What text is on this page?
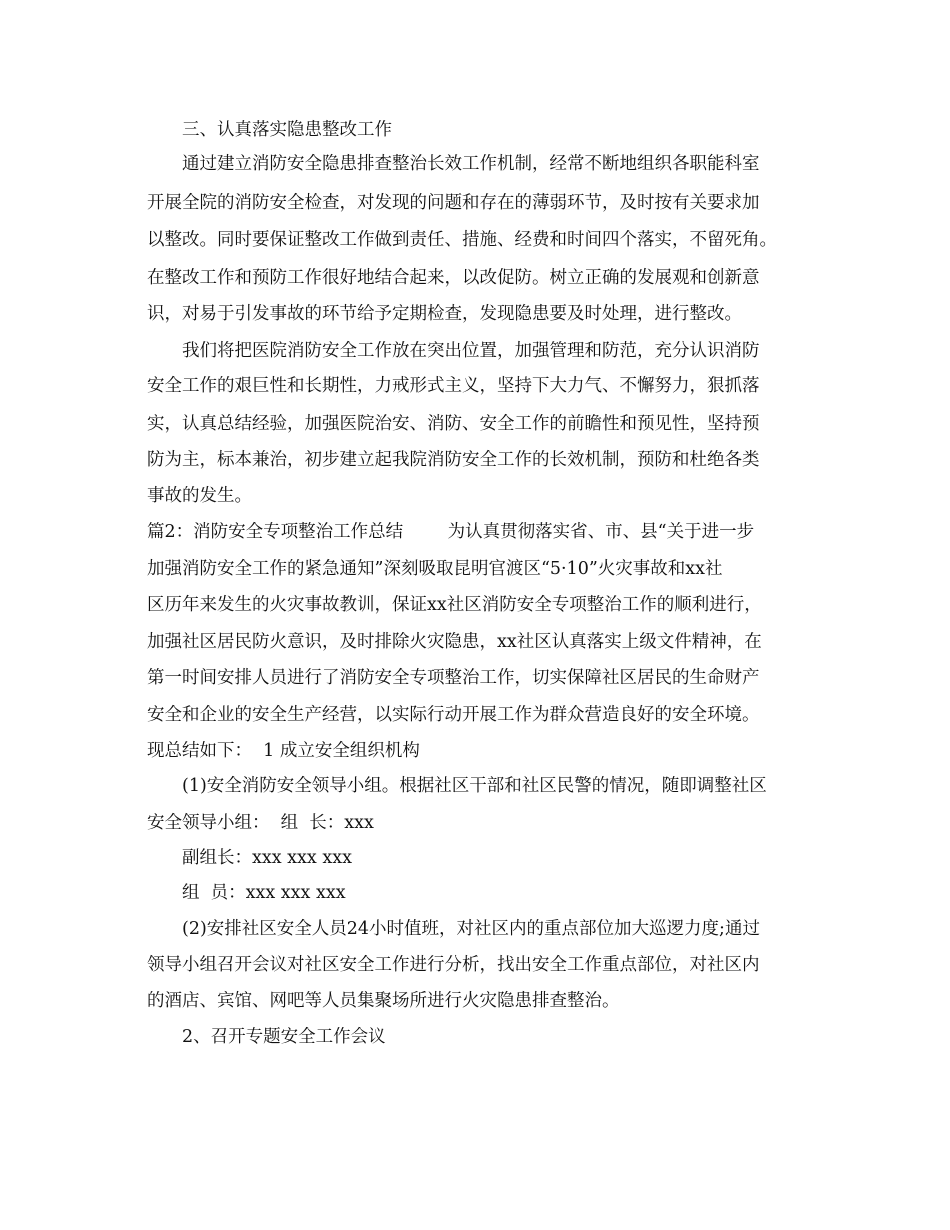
三、认真落实隐患整改工作
通过建立消防安全隐患排查整治长效工作机制，经常不断地组织各职能科室
开展全院的消防安全检查，对发现的问题和存在的薄弱环节，及时按有关要求加
以整改。同时要保证整改工作做到责任、措施、经费和时间四个落实，不留死角。
在整改工作和预防工作很好地结合起来，以改促防。树立正确的发展观和创新意
识，对易于引发事故的环节给予定期检查，发现隐患要及时处理，进行整改。
我们将把医院消防安全工作放在突出位置，加强管理和防范，充分认识消防
安全工作的艰巨性和长期性，力戒形式主义，坚持下大力气、不懈努力，狠抓落
实，认真总结经验，加强医院治安、消防、安全工作的前瞻性和预见性，坚持预
防为主，标本兼治，初步建立起我院消防安全工作的长效机制，预防和杜绝各类
事故的发生。
篇2：消防安全专项整治工作总结        为认真贯彻落实省、市、县“关于进一步
加强消防安全工作的紧急通知”深刻吸取昆明官渡区“5·10”火灾事故和xx社
区历年来发生的火灾事故教训，保证xx社区消防安全专项整治工作的顺利进行，
加强社区居民防火意识，及时排除火灾隐患，xx社区认真落实上级文件精神，在
第一时间安排人员进行了消防安全专项整治工作，切实保障社区居民的生命财产
安全和企业的安全生产经营，以实际行动开展工作为群众营造良好的安全环境。
现总结如下：  1 成立安全组织机构
(1)安全消防安全领导小组。根据社区干部和社区民警的情况，随即调整社区
安全领导小组：  组  长：xxx
副组长：xxx xxx xxx
组  员：xxx xxx xxx
(2)安排社区安全人员24小时值班，对社区内的重点部位加大巡逻力度;通过
领导小组召开会议对社区安全工作进行分析，找出安全工作重点部位，对社区内
的酒店、宾馆、网吧等人员集聚场所进行火灾隐患排查整治。
2、召开专题安全工作会议
